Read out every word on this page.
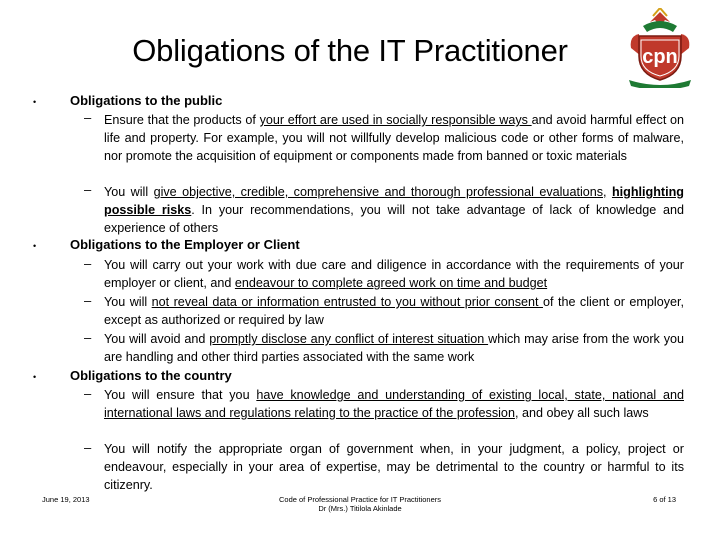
Obligations of the IT Practitioner	cpn
•	Obligations to the public
– Ensure that the products of your effort are used in socially responsible ways and avoid harmful effect on life and property. For example, you will not willfully develop malicious code or other forms of malware, nor promote the acquisition of equipment or components made from banned or toxic materials
– You will give objective, credible, comprehensive and thorough professional evaluations, highlighting possible risks. In your recommendations, you will not take advantage of lack of knowledge and experience of others
•	Obligations to the Employer or Client
– You will carry out your work with due care and diligence in accordance with the requirements of your employer or client, and endeavour to complete agreed work on time and budget
– You will not reveal data or information entrusted to you without prior consent of the client or employer, except as authorized or required by law
– You will avoid and promptly disclose any conflict of interest situation which may arise from the work you are handling and other third parties associated with the same work
•	Obligations to the country
– You will ensure that you have knowledge and understanding of existing local, state, national and international laws and regulations relating to the practice of the profession, and obey all such laws
– You will notify the appropriate organ of government when, in your judgment, a policy, project or endeavour, especially in your area of expertise, may be detrimental to the country or harmful to its citizenry.
June 19, 2013	Code of Professional Practice for IT Practitioners
Dr (Mrs.) Titilola Akinlade
6 of 13
